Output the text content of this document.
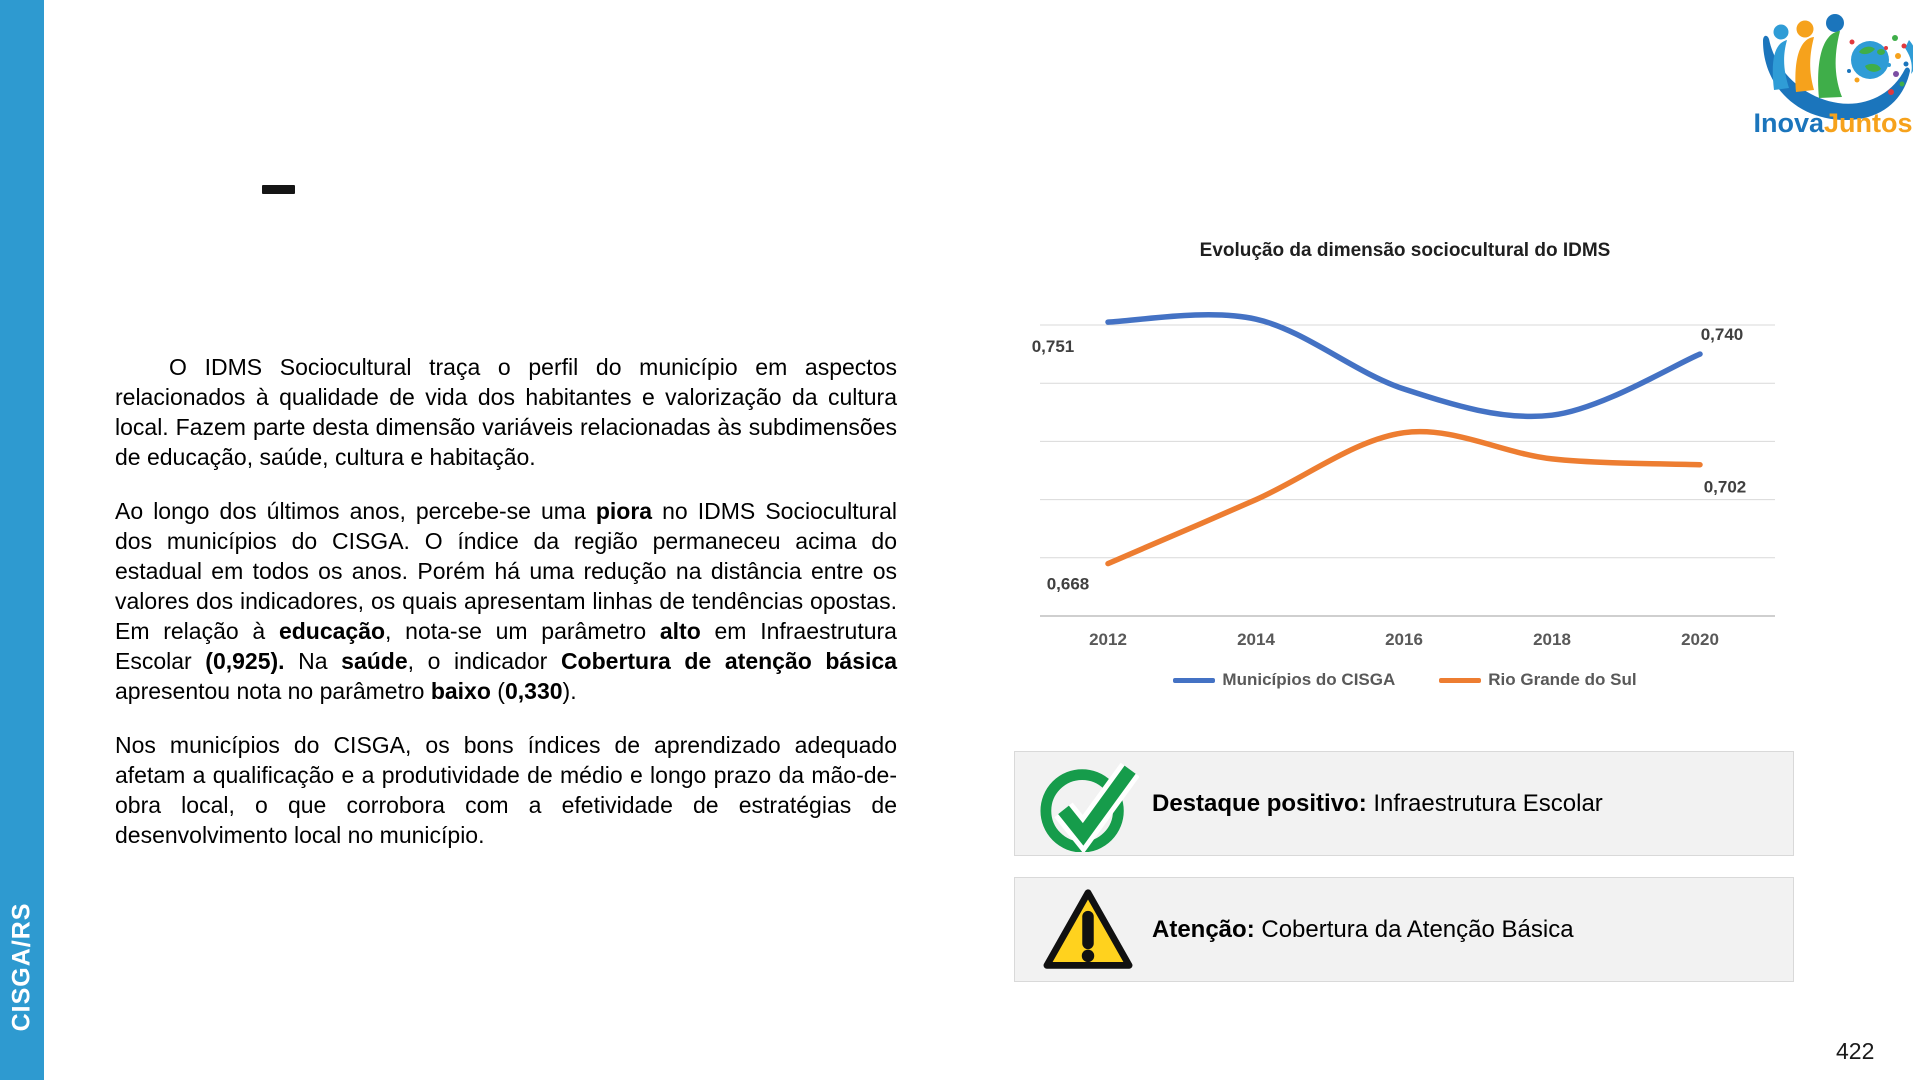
CISGA/RS
InovaJuntos

O IDMS Sociocultural traça o perfil do município em aspectos relacionados à qualidade de vida dos habitantes e valorização da cultura local. Fazem parte desta dimensão variáveis relacionadas às subdimensões de educação, saúde, cultura e habitação.

Ao longo dos últimos anos, percebe-se uma piora no IDMS Sociocultural dos municípios do CISGA. O índice da região permaneceu acima do estadual em todos os anos. Porém há uma redução na distância entre os valores dos indicadores, os quais apresentam linhas de tendências opostas. Em relação à educação, nota-se um parâmetro alto em Infraestrutura Escolar (0,925). Na saúde, o indicador Cobertura de atenção básica apresentou nota no parâmetro baixo (0,330).

Nos municípios do CISGA, os bons índices de aprendizado adequado afetam a qualificação e a produtividade de médio e longo prazo da mão-de-obra local, o que corrobora com a efetividade de estratégias de desenvolvimento local no município.

Evolução da dimensão sociocultural do IDMS
2012	2014	2016	2018	2020
0,751
0,740
0,668
0,702
Municípios do CISGA	Rio Grande do Sul
Destaque positivo: Infraestrutura Escolar
Atenção: Cobertura da Atenção Básica
422
